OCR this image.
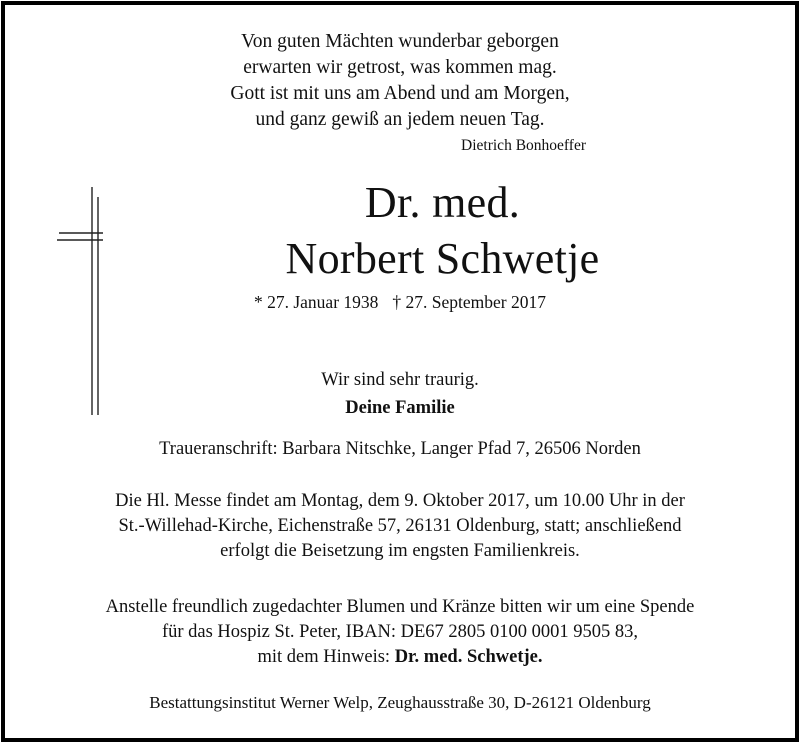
Von guten Mächten wunderbar geborgen
erwarten wir getrost, was kommen mag.
Gott ist mit uns am Abend und am Morgen,
und ganz gewiß an jedem neuen Tag.
Dietrich Bonhoeffer
Dr. med.
Norbert Schwetje
* 27. Januar 1938 † 27. September 2017
Wir sind sehr traurig.
Deine Familie
Traueranschrift: Barbara Nitschke, Langer Pfad 7, 26506 Norden
Die Hl. Messe findet am Montag, dem 9. Oktober 2017, um 10.00 Uhr in der
St.-Willehad-Kirche, Eichenstraße 57, 26131 Oldenburg, statt; anschließend
erfolgt die Beisetzung im engsten Familienkreis.
Anstelle freundlich zugedachter Blumen und Kränze bitten wir um eine Spende
für das Hospiz St. Peter, IBAN: DE67 2805 0100 0001 9505 83,
mit dem Hinweis: Dr. med. Schwetje.
Bestattungsinstitut Werner Welp, Zeughausstraße 30, D-26121 Oldenburg
